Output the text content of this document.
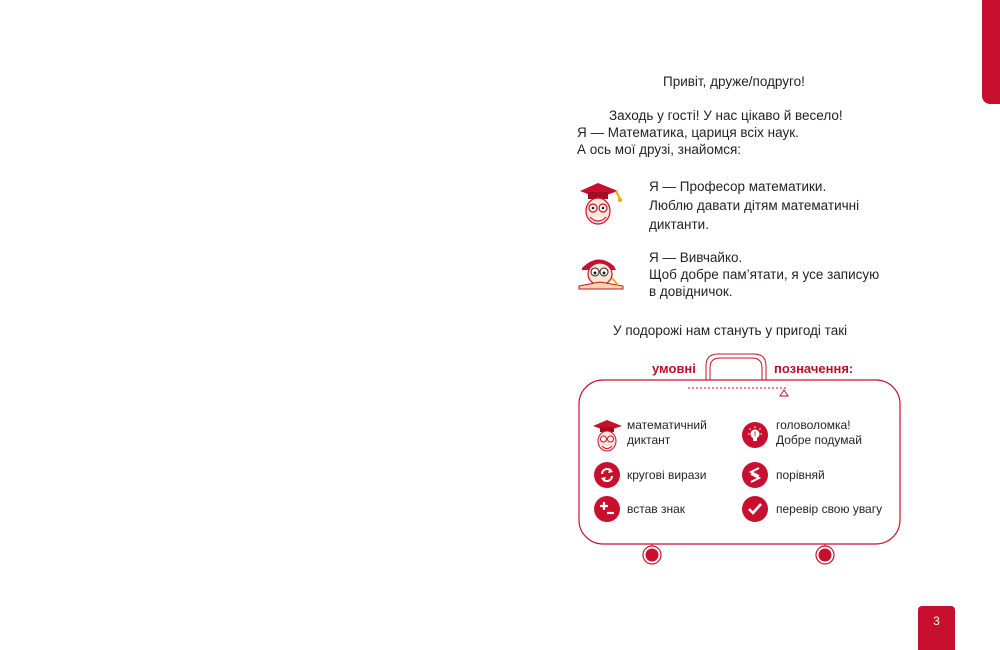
Привіт, друже/подруго!
Заходь у гості! У нас цікаво й весело!
Я — Математика, цариця всіх наук.
А ось мої друзі, знайомся:
Я — Професор математики.
Люблю давати дітям математичні
диктанти.
Я — Вивчайко.
Щоб добре пам’ятати, я усе записую
в довідничок.
У подорожі нам стануть у пригоді такі
умовні	позначення:
математичний
диктант
кругові вирази
встав знак
!
головоломка!
Добре подумай
порівняй
перевір свою увагу
3
